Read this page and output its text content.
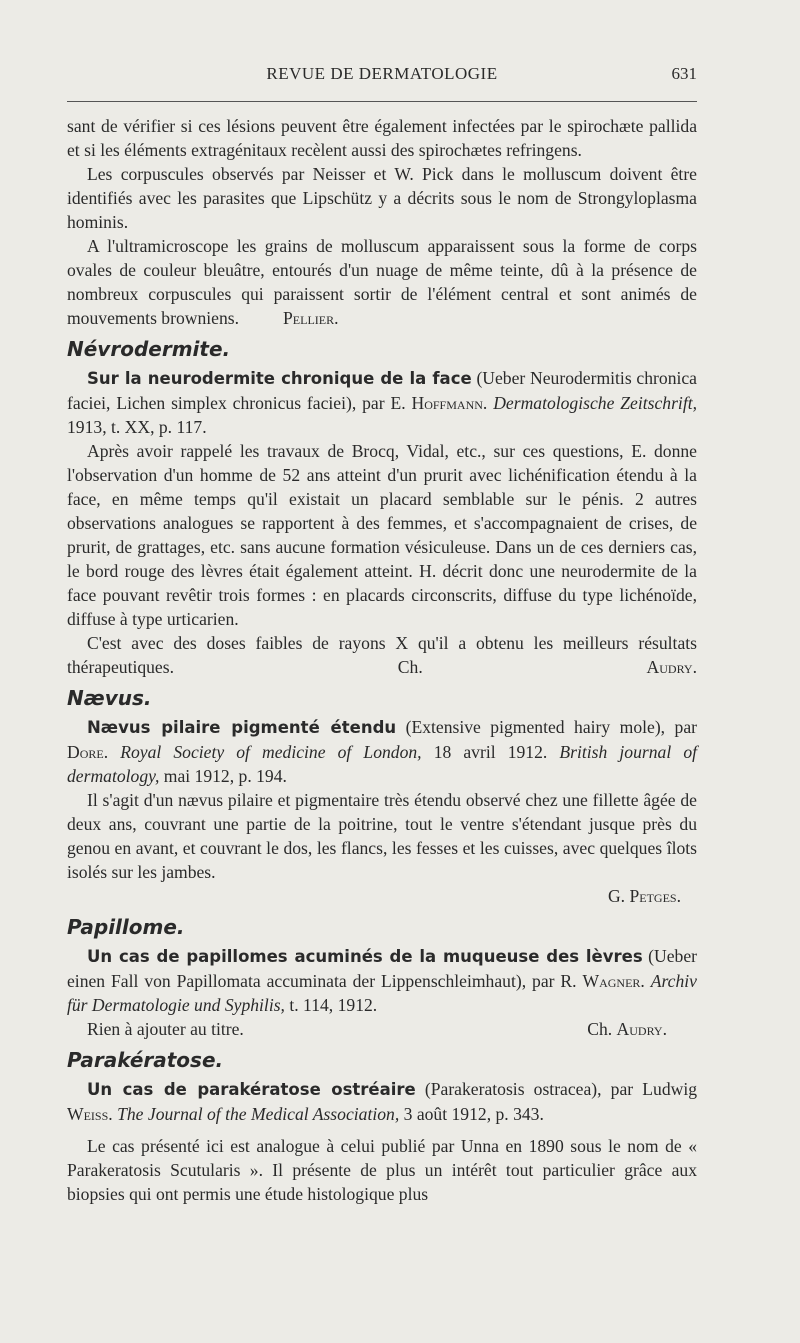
REVUE DE DERMATOLOGIE	631

sant de vérifier si ces lésions peuvent être également infectées par le spirochæte pallida et si les éléments extragénitaux recèlent aussi des spirochætes refringens.

Les corpuscules observés par Neisser et W. Pick dans le molluscum doivent être identifiés avec les parasites que Lipschütz y a décrits sous le nom de Strongyloplasma hominis.

A l'ultramicroscope les grains de molluscum apparaissent sous la forme de corps ovales de couleur bleuâtre, entourés d'un nuage de même teinte, dû à la présence de nombreux corpuscules qui paraissent sortir de l'élément central et sont animés de mouvements browniens. Pellier.

Névrodermite.

Sur la neurodermite chronique de la face (Ueber Neurodermitis chronica faciei, Lichen simplex chronicus faciei), par E. Hoffmann. Dermatologische Zeitschrift, 1913, t. XX, p. 117.

Après avoir rappelé les travaux de Brocq, Vidal, etc., sur ces questions, E. donne l'observation d'un homme de 52 ans atteint d'un prurit avec lichénification étendu à la face, en même temps qu'il existait un placard semblable sur le pénis. 2 autres observations analogues se rapportent à des femmes, et s'accompagnaient de crises, de prurit, de grattages, etc. sans aucune formation vésiculeuse. Dans un de ces derniers cas, le bord rouge des lèvres était également atteint. H. décrit donc une neurodermite de la face pouvant revêtir trois formes : en placards circonscrits, diffuse du type lichénoïde, diffuse à type urticarien.

C'est avec des doses faibles de rayons X qu'il a obtenu les meilleurs résultats thérapeutiques.	Ch.	Audry.

Nævus.

Nævus pilaire pigmenté étendu (Extensive pigmented hairy mole), par Dore. Royal Society of medicine of London, 18 avril 1912. British journal of dermatology, mai 1912, p. 194.

Il s'agit d'un nævus pilaire et pigmentaire très étendu observé chez une fillette âgée de deux ans, couvrant une partie de la poitrine, tout le ventre s'étendant jusque près du genou en avant, et couvrant le dos, les flancs, les fesses et les cuisses, avec quelques îlots isolés sur les jambes.

G. Petges.

Papillome.

Un cas de papillomes acuminés de la muqueuse des lèvres (Ueber einen Fall von Papillomata accuminata der Lippenschleimhaut), par R. Wagner. Archiv für Dermatologie und Syphilis, t. 114, 1912.

Rien à ajouter au titre.	Ch. Audry.

Parakératose.

Un cas de parakératose ostréaire (Parakeratosis ostracea), par Ludwig Weiss. The Journal of the Medical Association, 3 août 1912, p. 343.

Le cas présenté ici est analogue à celui publié par Unna en 1890 sous le nom de « Parakeratosis Scutularis ». Il présente de plus un intérêt tout particulier grâce aux biopsies qui ont permis une étude histologique plus
